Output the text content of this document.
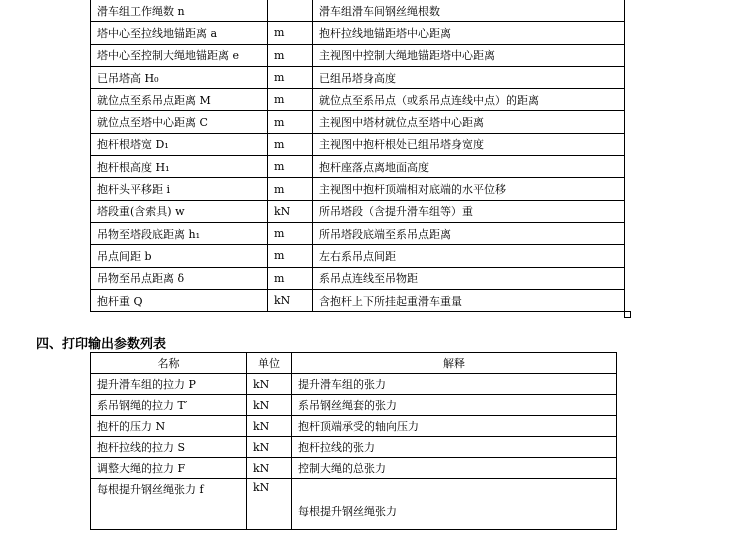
滑车组工作绳数 n		滑车组滑车间钢丝绳根数
塔中心至拉线地锚距离 a	m	抱杆拉线地锚距塔中心距离
塔中心至控制大绳地锚距离 e	m	主视图中控制大绳地锚距塔中心距离
已吊塔高 H₀	m	已组吊塔身高度
就位点至系吊点距离 M	m	就位点至系吊点（或系吊点连线中点）的距离
就位点至塔中心距离 C	m	主视图中塔材就位点至塔中心距离
抱杆根塔宽 D₁	m	主视图中抱杆根处已组吊塔身宽度
抱杆根高度 H₁	m	抱杆座落点离地面高度
抱杆头平移距 i	m	主视图中抱杆顶端相对底端的水平位移
塔段重(含索具) w	kN	所吊塔段（含提升滑车组等）重
吊物至塔段底距离 h₁	m	所吊塔段底端至系吊点距离
吊点间距 b	m	左右系吊点间距
吊物至吊点距离 δ	m	系吊点连线至吊物距
抱杆重 Q	kN	含抱杆上下所挂起重滑车重量
四、打印输出参数列表
名称	单位	解释
提升滑车组的拉力 P	kN	提升滑车组的张力
系吊钢绳的拉力 T′	kN	系吊钢丝绳套的张力
抱杆的压力 N	kN	抱杆顶端承受的轴向压力
抱杆拉线的拉力 S	kN	抱杆拉线的张力
调整大绳的拉力 F	kN	控制大绳的总张力
每根提升钢丝绳张力 f	kN	每根提升钢丝绳张力
